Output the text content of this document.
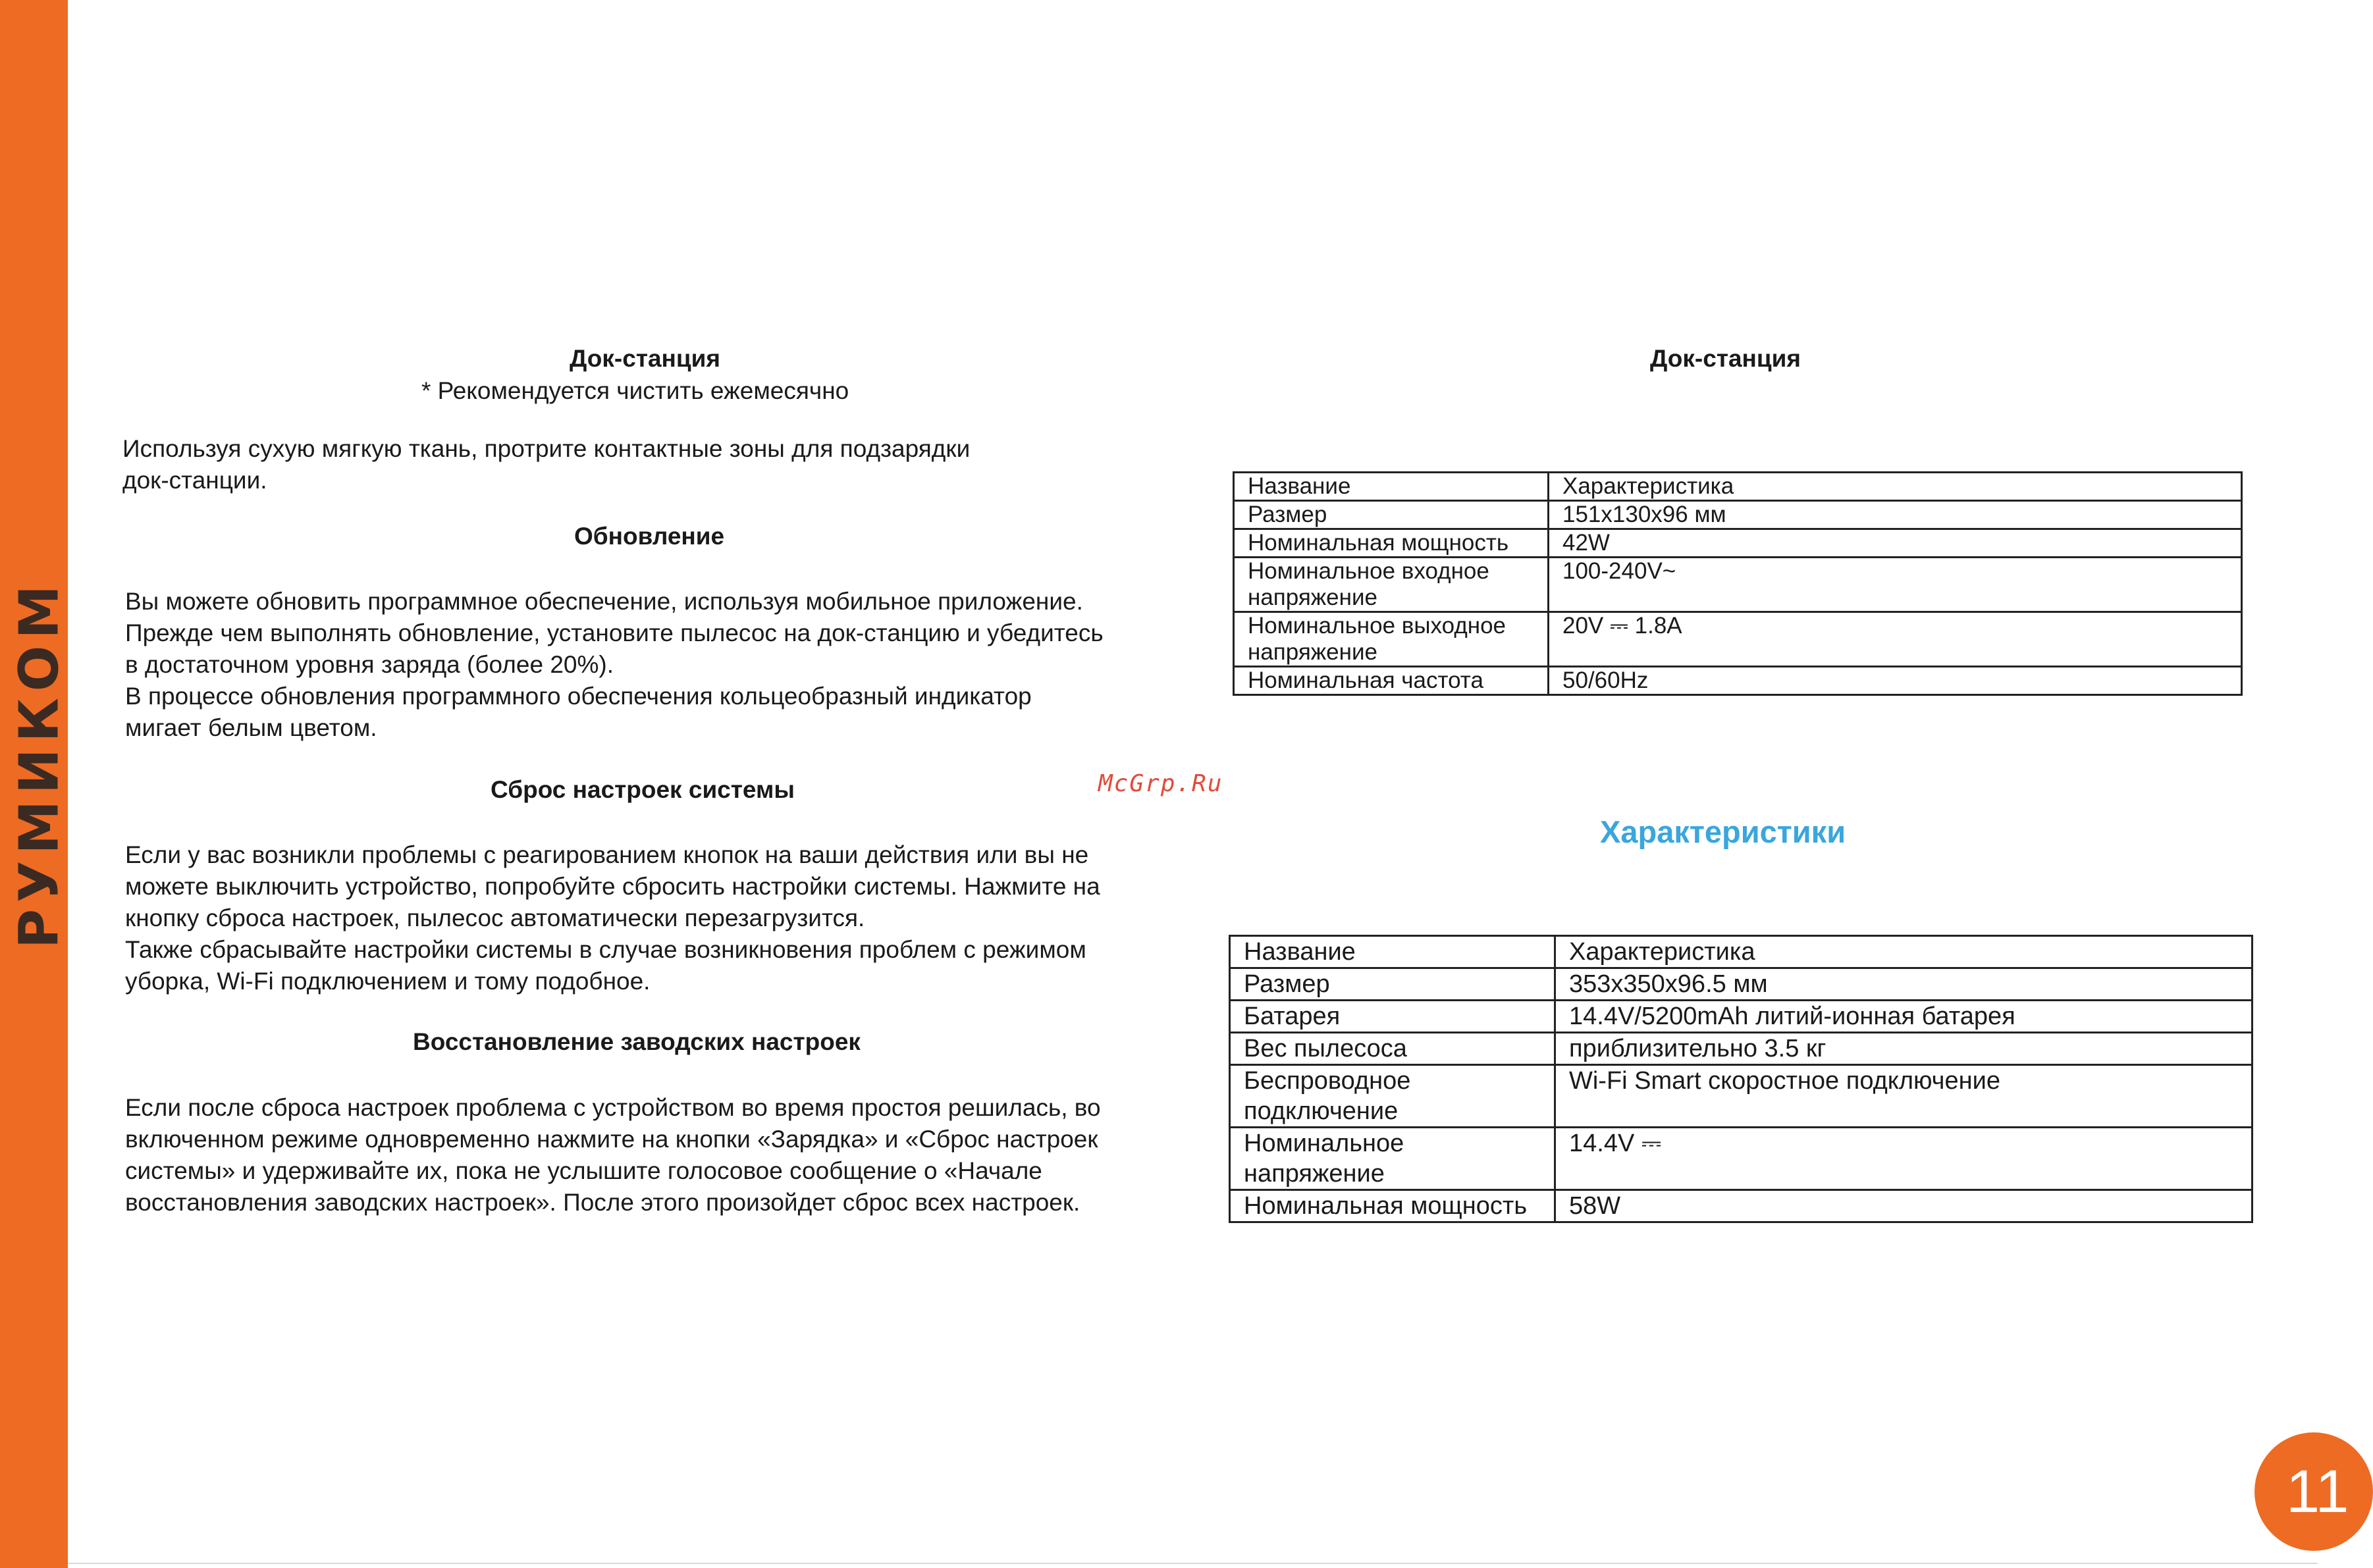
РУМИКОМ
Док-станция
* Рекомендуется чистить ежемесячно
Используя сухую мягкую ткань, протрите контактные зоны для подзарядки
док-станции.
Обновление
Вы можете обновить программное обеспечение, используя мобильное приложение.
Прежде чем выполнять обновление, установите пылесос на док-станцию и убедитесь
в достаточном уровня заряда (более 20%).
В процессе обновления программного обеспечения кольцеобразный индикатор
мигает белым цветом.
Сброс настроек системы
Если у вас возникли проблемы с реагированием кнопок на ваши действия или вы не
можете выключить устройство, попробуйте сбросить настройки системы. Нажмите на
кнопку сброса настроек, пылесос автоматически перезагрузится.
Также сбрасывайте настройки системы в случае возникновения проблем с режимом
уборка, Wi-Fi подключением и тому подобное.
Восстановление заводских настроек
Если после сброса настроек проблема с устройством во время простоя решилась, во
включенном режиме одновременно нажмите на кнопки «Зарядка» и «Сброс настроек
системы» и удерживайте их, пока не услышите голосовое сообщение о «Начале
восстановления заводских настроек». После этого произойдет сброс всех настроек.
McGrp.Ru
Док-станция
Название	Характеристика
Размер	151x130x96 мм
Номинальная мощность	42W
Номинальное входное
напряжение	100-240V~
Номинальное выходное
напряжение	20V ⎓ 1.8A
Номинальная частота	50/60Hz
Характеристики
Название	Характеристика
Размер	353x350x96.5 мм
Батарея	14.4V/5200mAh литий-ионная батарея
Вес пылесоса	приблизительно 3.5 кг
Беспроводное
подключение	Wi-Fi Smart скоростное подключение
Номинальное
напряжение	14.4V ⎓
Номинальная мощность	58W
11
